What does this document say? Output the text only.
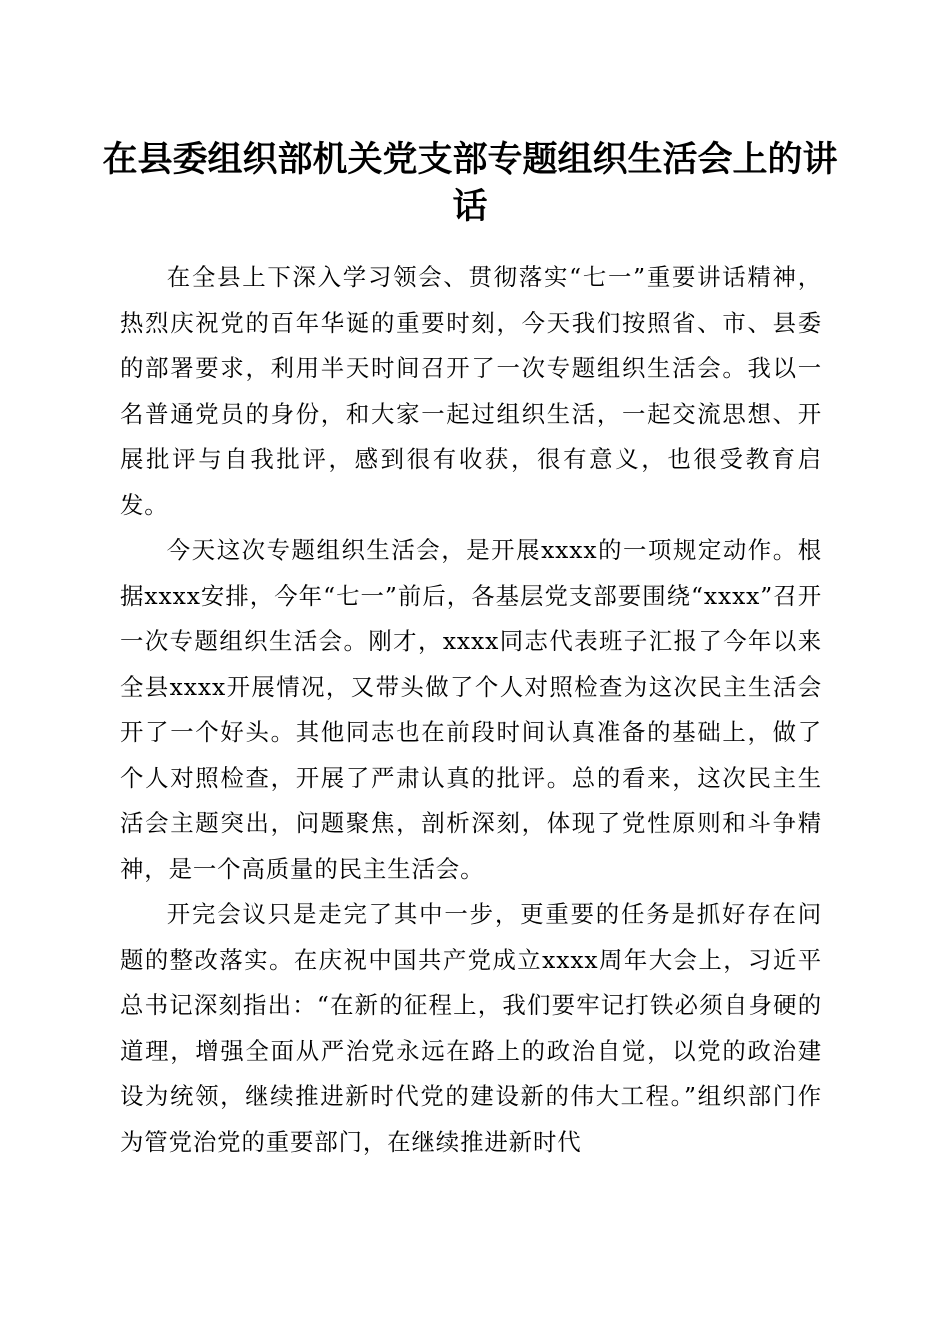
在县委组织部机关党支部专题组织生活会上的讲话

在全县上下深入学习领会、贯彻落实“七一”重要讲话精神，热烈庆祝党的百年华诞的重要时刻，今天我们按照省、市、县委的部署要求，利用半天时间召开了一次专题组织生活会。我以一名普通党员的身份，和大家一起过组织生活，一起交流思想、开展批评与自我批评，感到很有收获，很有意义，也很受教育启发。

今天这次专题组织生活会，是开展xxxx的一项规定动作。根据xxxx安排，今年“七一”前后，各基层党支部要围绕“xxxx”召开一次专题组织生活会。刚才，xxxx同志代表班子汇报了今年以来全县xxxx开展情况，又带头做了个人对照检查为这次民主生活会开了一个好头。其他同志也在前段时间认真准备的基础上，做了个人对照检查，开展了严肃认真的批评。总的看来，这次民主生活会主题突出，问题聚焦，剖析深刻，体现了党性原则和斗争精神，是一个高质量的民主生活会。

开完会议只是走完了其中一步，更重要的任务是抓好存在问题的整改落实。在庆祝中国共产党成立xxxx周年大会上，习近平总书记深刻指出：“在新的征程上，我们要牢记打铁必须自身硬的道理，增强全面从严治党永远在路上的政治自觉，以党的政治建设为统领，继续推进新时代党的建设新的伟大工程。”组织部门作为管党治党的重要部门，在继续推进新时代
